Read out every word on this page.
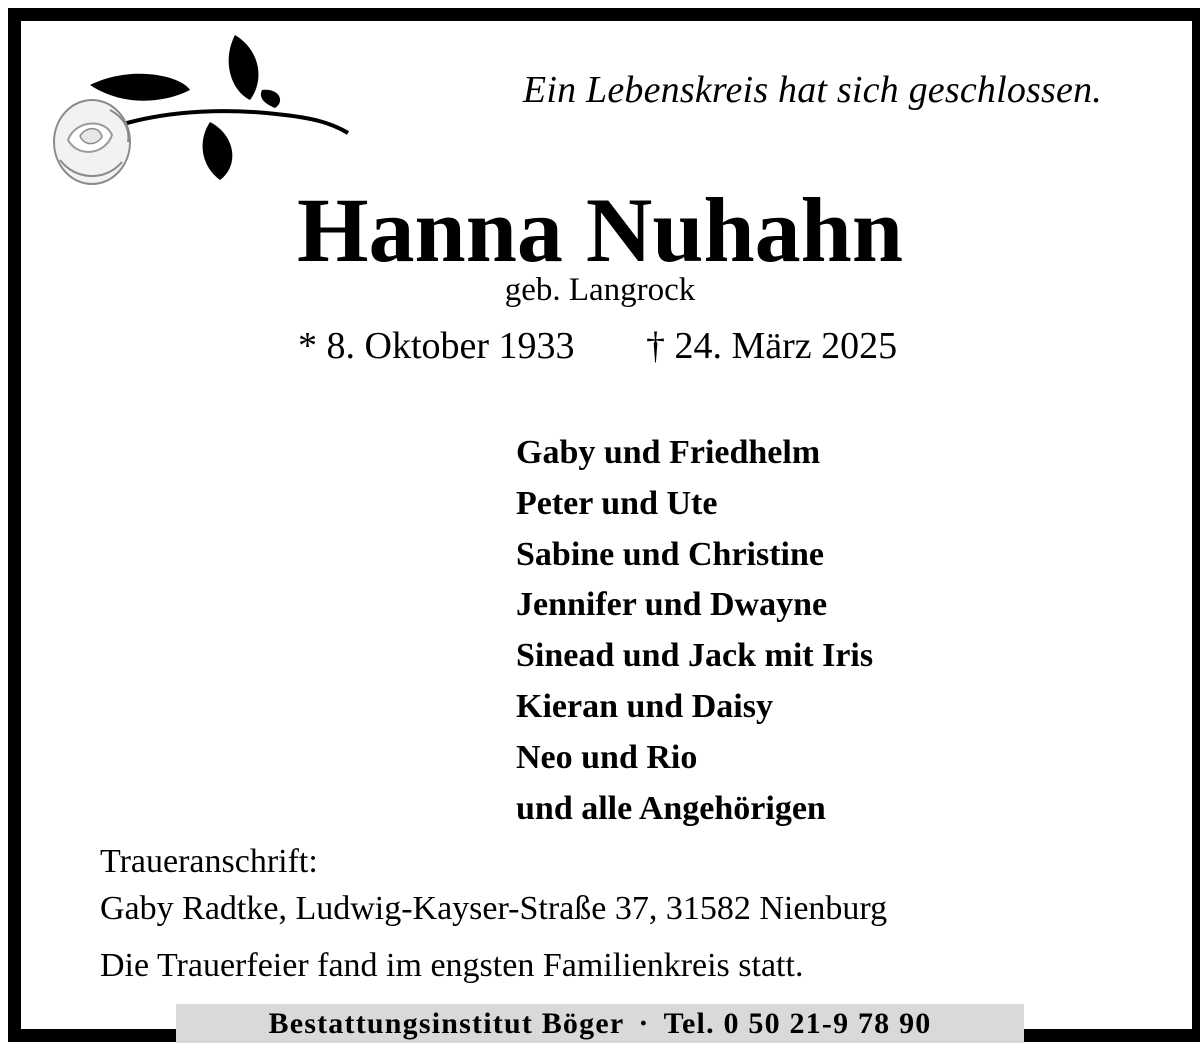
Ein Lebenskreis hat sich geschlossen.
Hanna Nuhahn
geb. Langrock
* 8. Oktober 1933 † 24. März 2025
Gaby und Friedhelm
Peter und Ute
Sabine und Christine
Jennifer und Dwayne
Sinead und Jack mit Iris
Kieran und Daisy
Neo und Rio
und alle Angehörigen
Traueranschrift:
Gaby Radtke, Ludwig-Kayser-Straße 37, 31582 Nienburg
Die Trauerfeier fand im engsten Familienkreis statt.
Bestattungsinstitut Böger · Tel. 0 50 21-9 78 90
